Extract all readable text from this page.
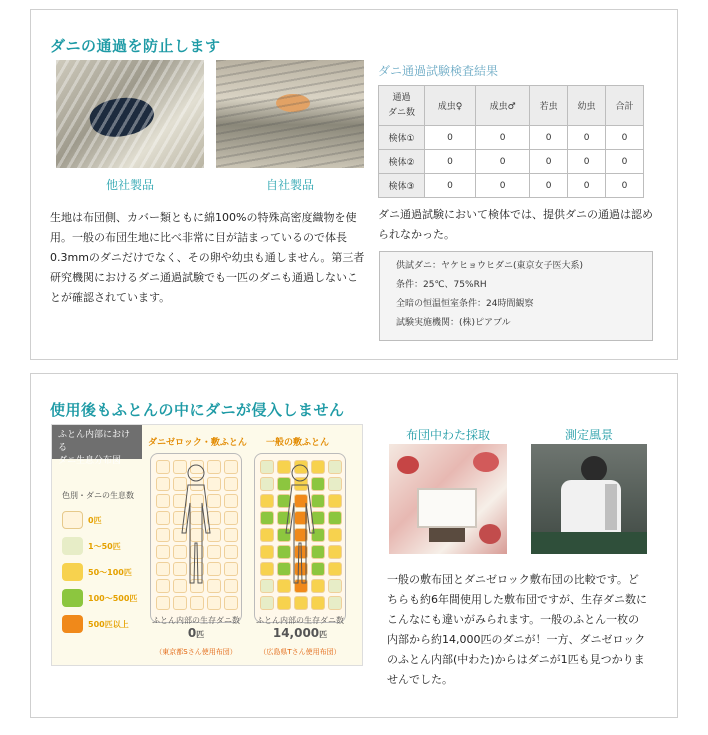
ダニの通過を防止します
他社製品	自社製品
生地は布団側、カバー類ともに綿100%の特殊高密度織物を使用。一般の布団生地に比べ非常に目が詰まっているので体長0.3mmのダニだけでなく、その卵や幼虫も通しません。第三者研究機関におけるダニ通過試験でも一匹のダニも通過しないことが確認されています。
ダニ通過試験検査結果
通過
ダニ数	成虫♀	成虫♂	若虫	幼虫	合計
検体①	0	0	0	0	0
検体②	0	0	0	0	0
検体③	0	0	0	0	0
ダニ通過試験において検体では、提供ダニの通過は認められなかった。
供試ダニ：ヤケヒョウヒダニ(東京女子医大系)
条件：25℃、75%RH
全暗の恒温恒室条件：24時間観察
試験実施機関：(株)ピアブル
使用後もふとんの中にダニが侵入しません
ふとん内部における
ダニ生息分布図
ダニゼロック・敷ふとん 一般の敷ふとん
色別・ダニの生息数
0匹
1〜50匹
50〜100匹
100〜500匹
500匹以上	ふとん内部の生存ダニ数	ふとん内部の生存ダニ数
0匹	14,000匹
（東京都Sさん使用布団）	（広島県Tさん使用布団）
布団中わた採取	測定風景
一般の敷布団とダニゼロック敷布団の比較です。どちらも約6年間使用した敷布団ですが、生存ダニ数にこんなにも違いがみられます。一般のふとん一枚の内部から約14,000匹のダニが！一方、ダニゼロックのふとん内部(中わた)からはダニが1匹も見つかりませんでした。
